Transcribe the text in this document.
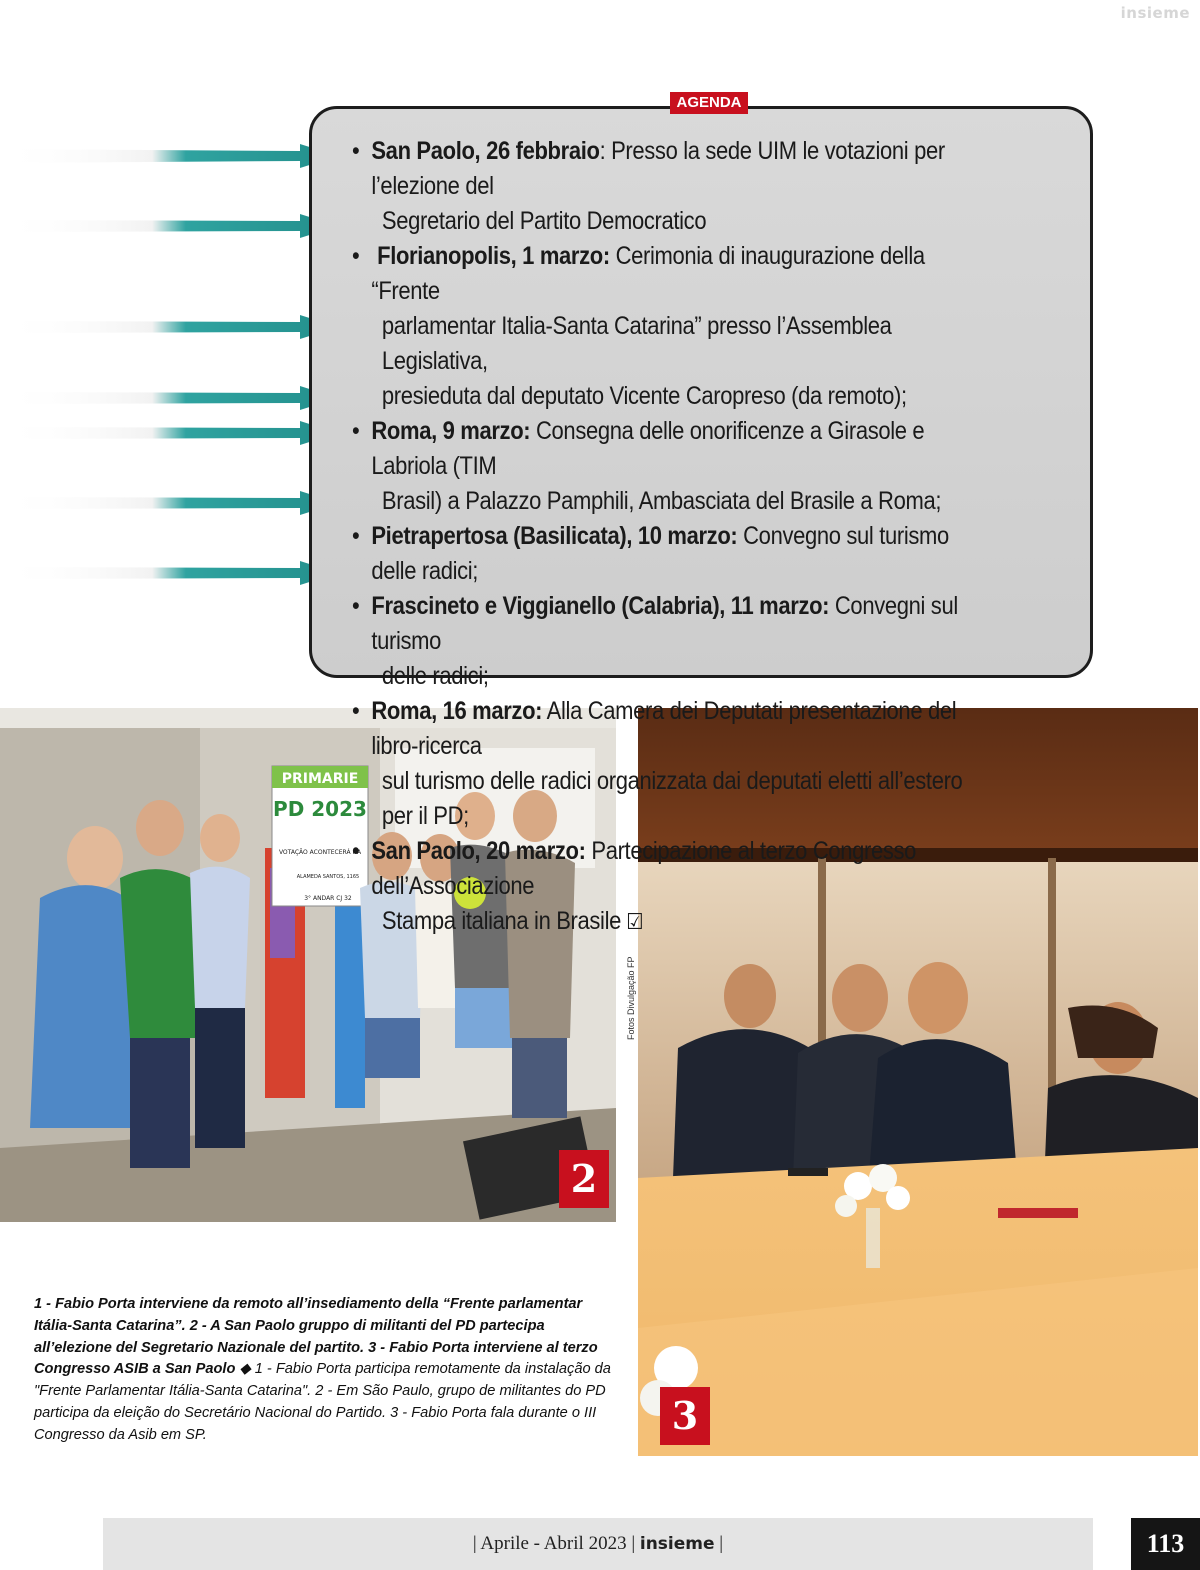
insieme
AGENDA
• San Paolo, 26 febbraio: Presso la sede UIM le votazioni per l’elezione del
Segretario del Partito Democratico
• Florianopolis, 1 marzo: Cerimonia di inaugurazione della “Frente
parlamentar Italia-Santa Catarina” presso l’Assemblea Legislativa,
presieduta dal deputato Vicente Caropreso (da remoto);
• Roma, 9 marzo: Consegna delle onorificenze a Girasole e Labriola (TIM
Brasil) a Palazzo Pamphili, Ambasciata del Brasile a Roma;
• Pietrapertosa (Basilicata), 10 marzo: Convegno sul turismo delle radici;
• Frascineto e Viggianello (Calabria), 11 marzo: Convegni sul turismo
delle radici;
• Roma, 16 marzo: Alla Camera dei Deputati presentazione del libro-ricerca
sul turismo delle radici organizzata dai deputati eletti all’estero per il PD;
• San Paolo, 20 marzo: Partecipazione al terzo Congresso dell’Associazione
Stampa italiana in Brasile ☑
PRIMARIE
PD 2023
VOTAÇÃO ACONTECERÁ NA
ALAMEDA SANTOS, 1165
3° ANDAR CJ 32
2
Fotos Divulgação FP
3
1 - Fabio Porta interviene da remoto all’insediamento della “Frente parlamentar Itália-Santa Catarina”. 2 - A San Paolo gruppo di militanti del PD partecipa all’elezione del Segretario Nazionale del partito. 3 - Fabio Porta interviene al terzo Congresso ASIB a San Paolo ◆ 1 - Fabio Porta participa remotamente da instalação da "Frente Parlamentar Itália-Santa Catarina". 2 - Em São Paulo, grupo de militantes do PD participa da eleição do Secretário Nacional do Partido. 3 - Fabio Porta fala durante o III Congresso da Asib em SP.
| Aprile - Abril 2023 | insieme |	113
